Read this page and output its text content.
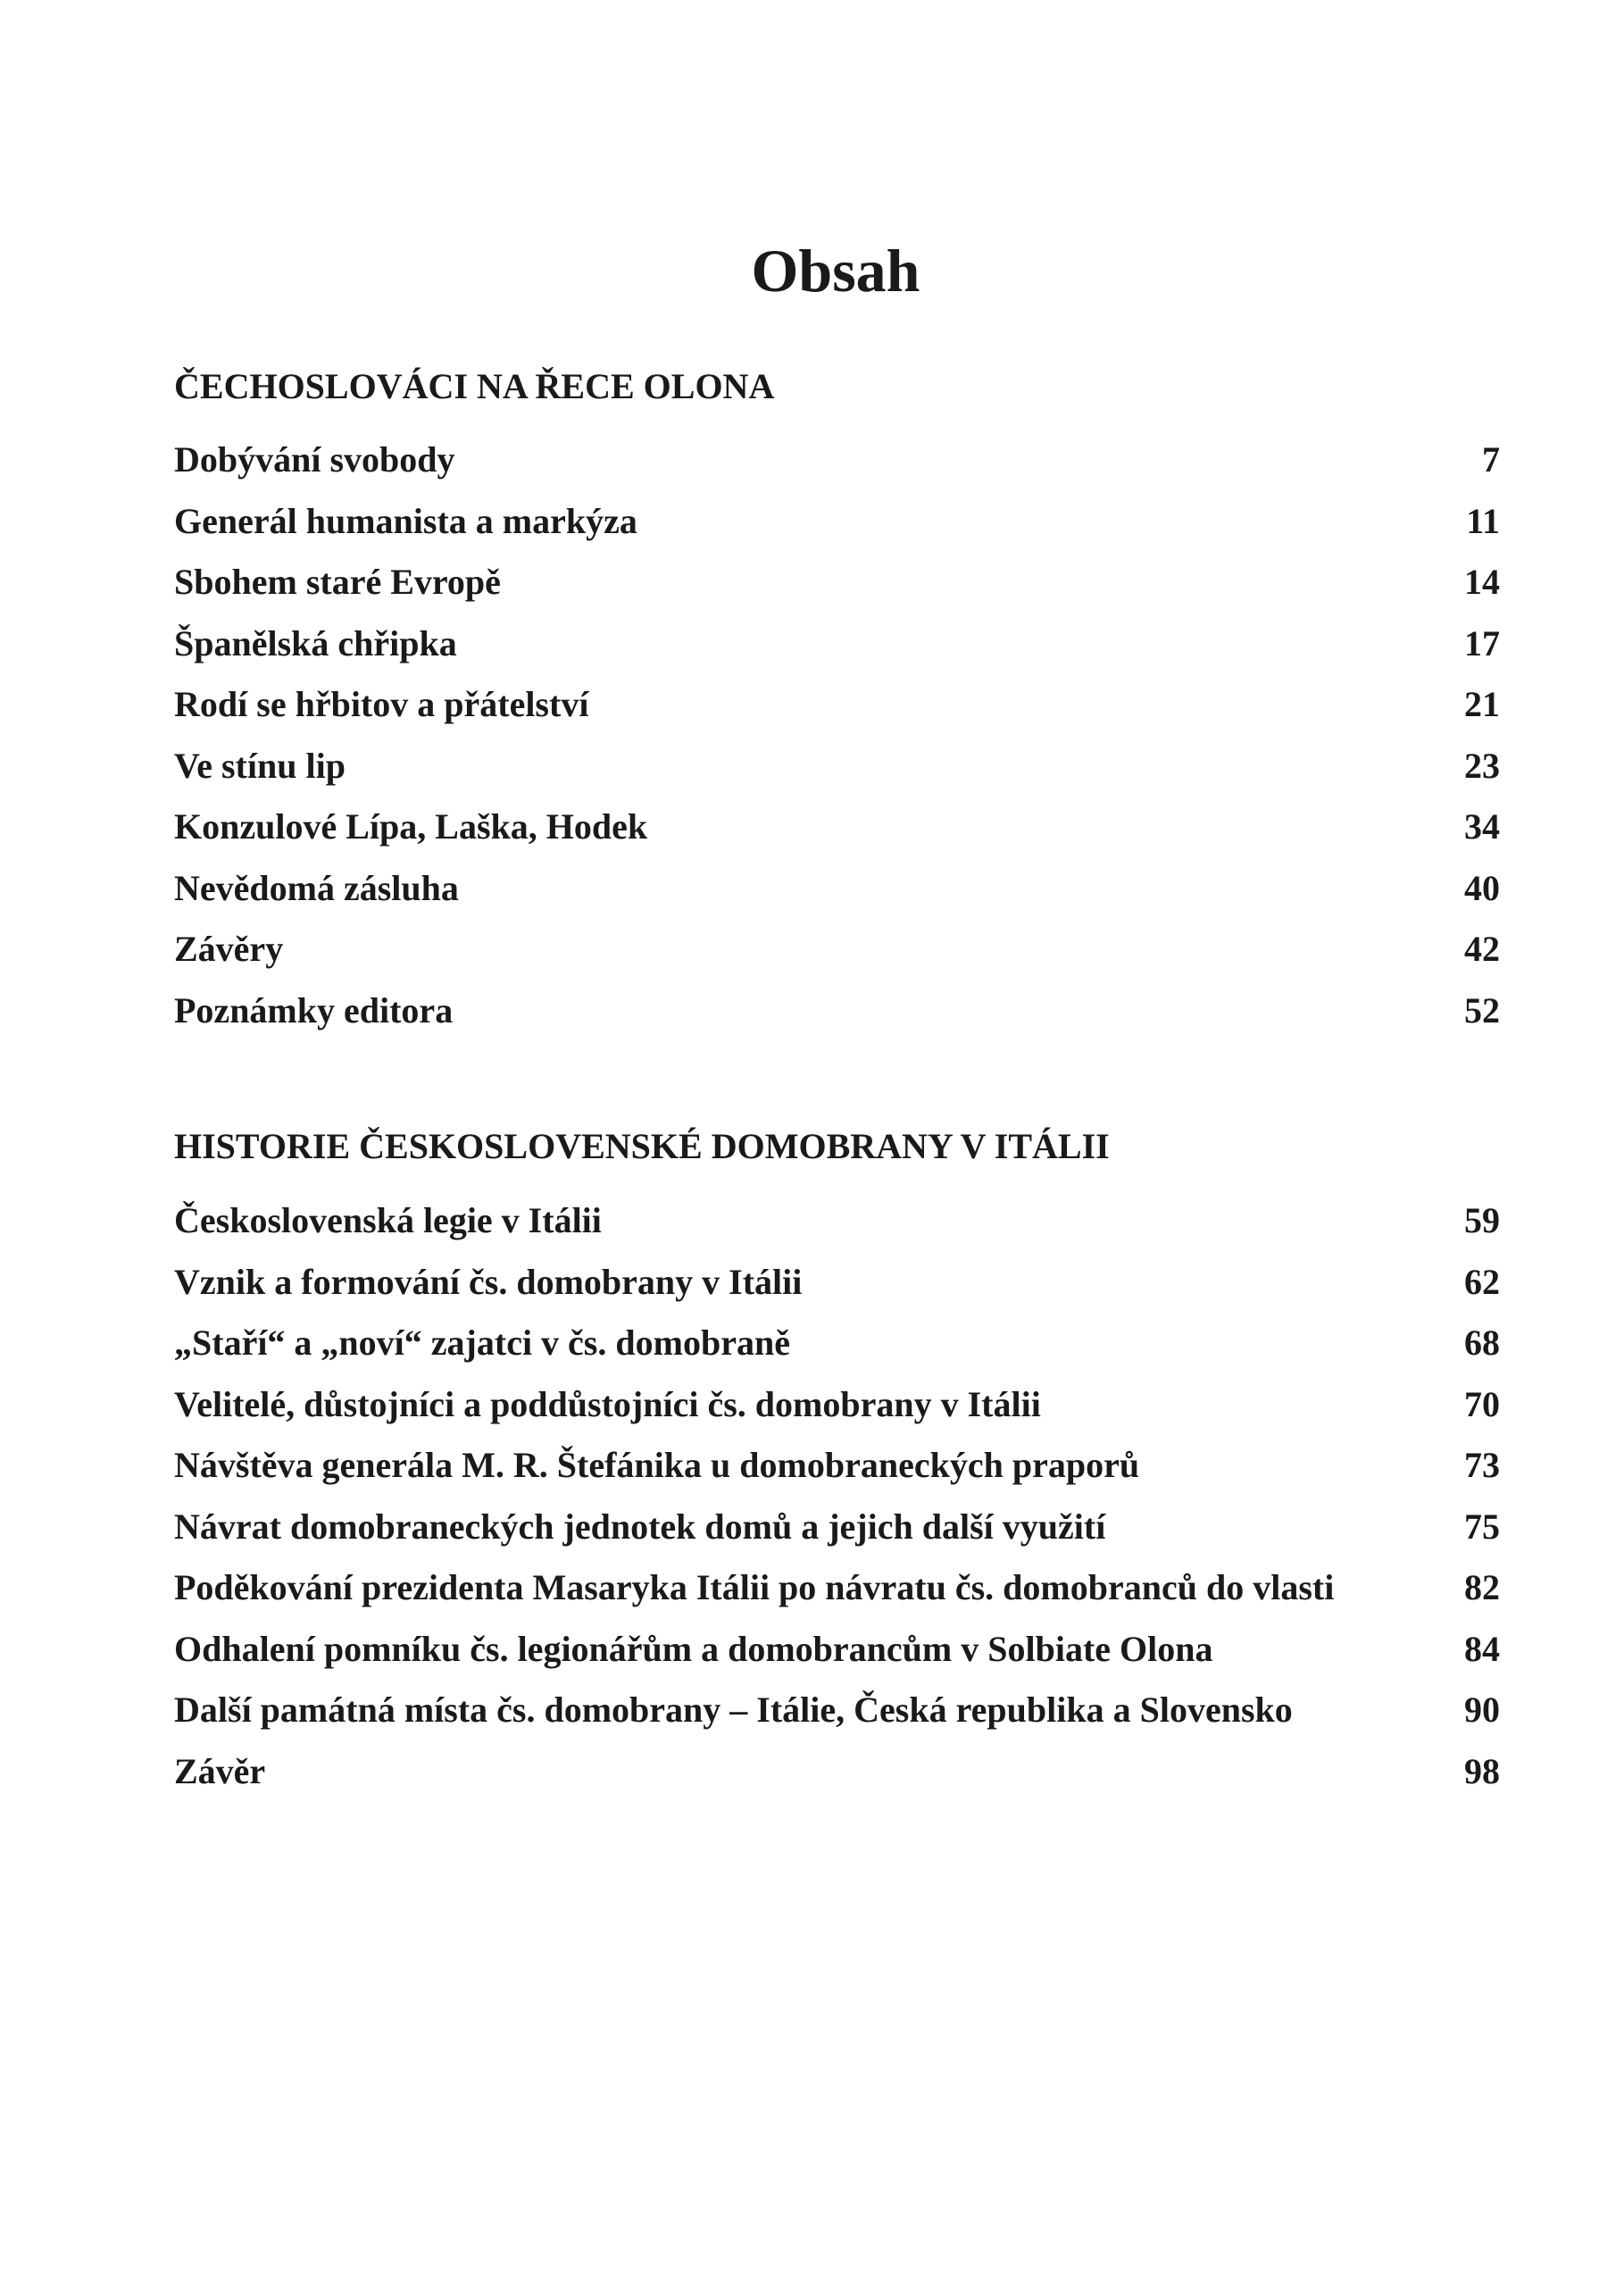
Obsah
ČECHOSLOVÁCI NA ŘECE OLONA
Dobývání svobody	7
Generál humanista a markýza	11
Sbohem staré Evropě	14
Španělská chřipka	17
Rodí se hřbitov a přátelství	21
Ve stínu lip	23
Konzulové Lípa, Laška, Hodek	34
Nevědomá zásluha	40
Závěry	42
Poznámky editora	52
HISTORIE ČESKOSLOVENSKÉ DOMOBRANY V ITÁLII
Československá legie v Itálii	59
Vznik a formování čs. domobrany v Itálii	62
„Staří“ a „noví“ zajatci v čs. domobraně	68
Velitelé, důstojníci a poddůstojníci čs. domobrany v Itálii	70
Návštěva generála M. R. Štefánika u domobraneckých praporů	73
Návrat domobraneckých jednotek domů a jejich další využití	75
Poděkování prezidenta Masaryka Itálii po návratu čs. domobranců do vlasti	82
Odhalení pomníku čs. legionářům a domobrancům v Solbiate Olona	84
Další památná místa čs. domobrany – Itálie, Česká republika a Slovensko	90
Závěr	98
